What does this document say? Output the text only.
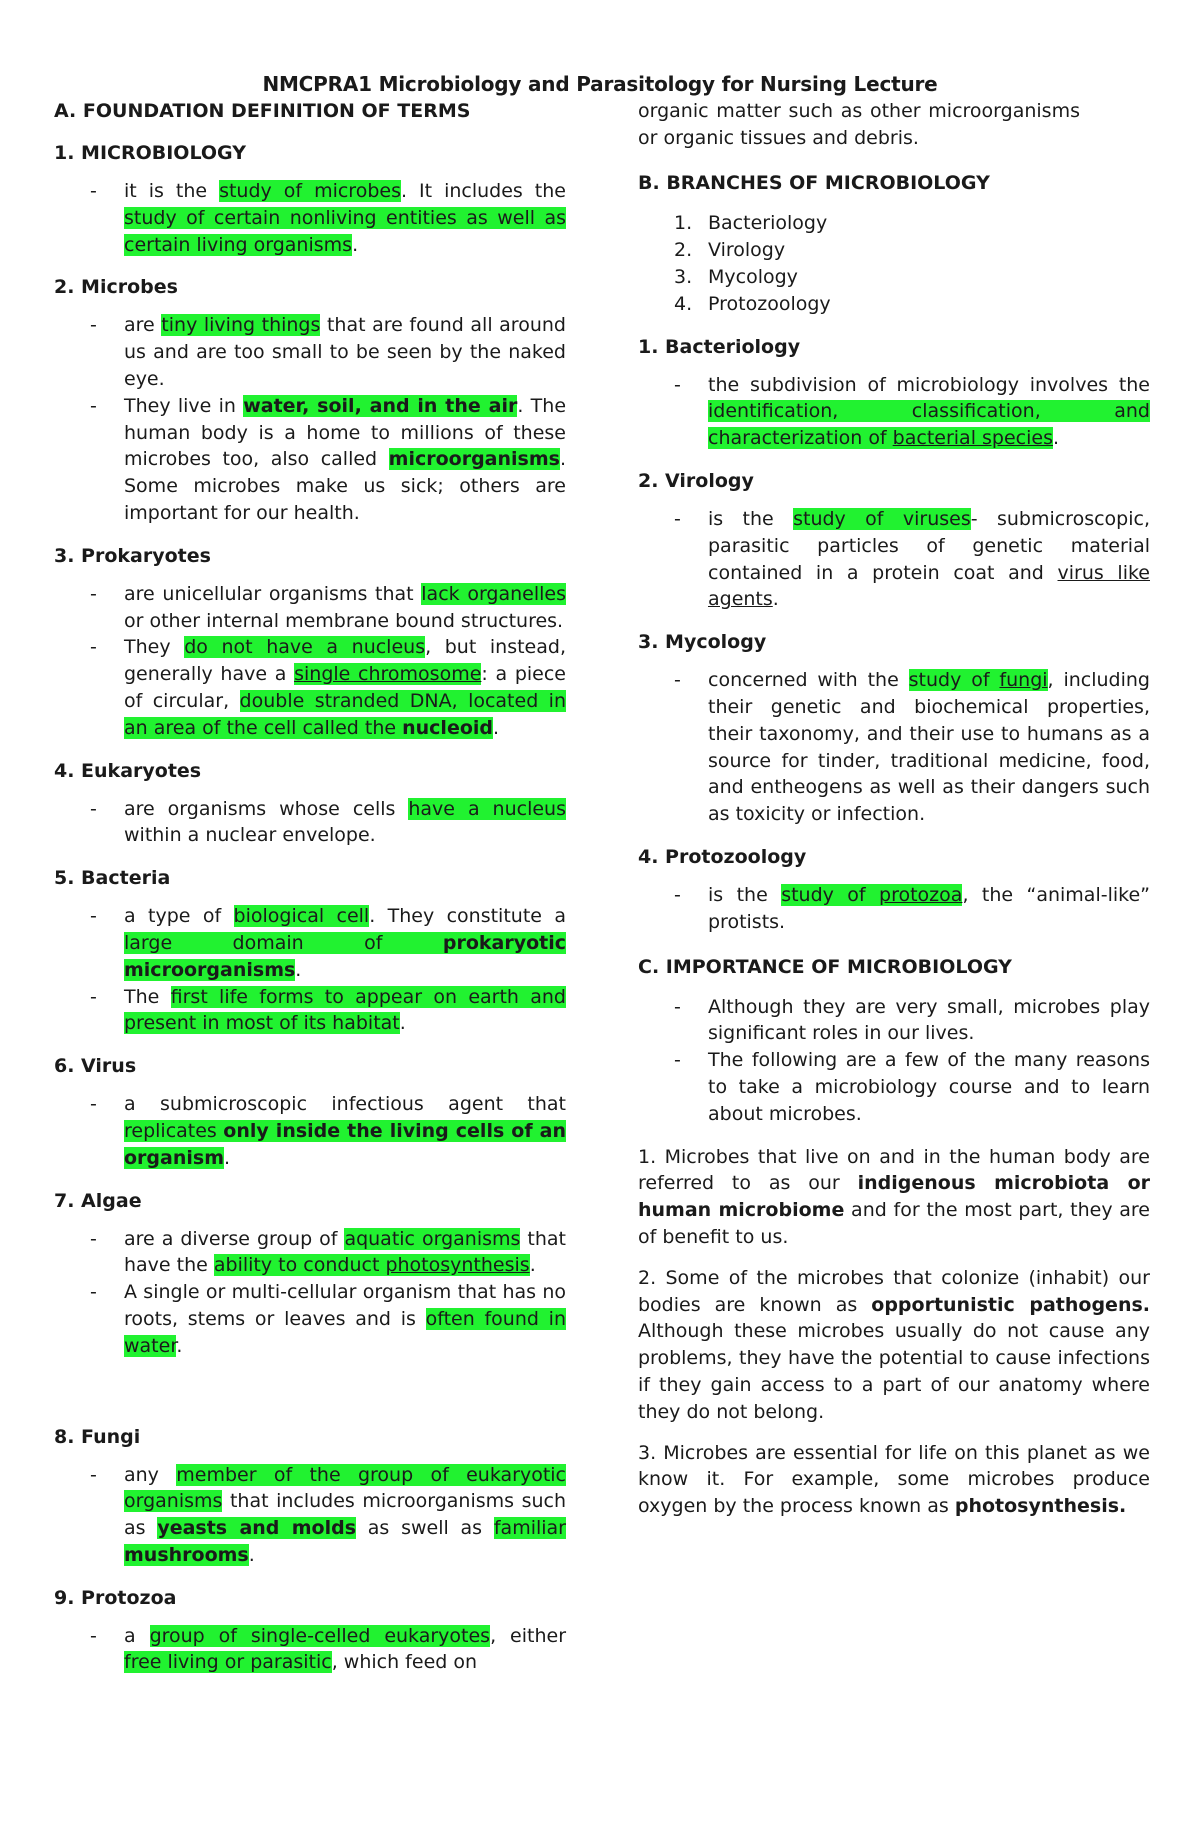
NMCPRA1 Microbiology and Parasitology for Nursing Lecture
A. FOUNDATION DEFINITION OF TERMS
1. MICROBIOLOGY
- it is the study of microbes. It includes the study of certain nonliving entities as well as certain living organisms.
2. Microbes
- are tiny living things that are found all around us and are too small to be seen by the naked eye.
- They live in water, soil, and in the air. The human body is a home to millions of these microbes too, also called microorganisms. Some microbes make us sick; others are important for our health.
3. Prokaryotes
- are unicellular organisms that lack organelles or other internal membrane bound structures.
- They do not have a nucleus, but instead, generally have a single chromosome: a piece of circular, double stranded DNA, located in an area of the cell called the nucleoid.
4. Eukaryotes
- are organisms whose cells have a nucleus within a nuclear envelope.
5. Bacteria
- a type of biological cell. They constitute a large domain of prokaryotic microorganisms.
- The first life forms to appear on earth and present in most of its habitat.
6. Virus
- a submicroscopic infectious agent that replicates only inside the living cells of an organism.
7. Algae
- are a diverse group of aquatic organisms that have the ability to conduct photosynthesis.
- A single or multi-cellular organism that has no roots, stems or leaves and is often found in water.
8. Fungi
- any member of the group of eukaryotic organisms that includes microorganisms such as yeasts and molds as swell as familiar mushrooms.
9. Protozoa
- a group of single-celled eukaryotes, either free living or parasitic, which feed on

organic matter such as other microorganisms or organic tissues and debris.

B. BRANCHES OF MICROBIOLOGY
1. Bacteriology
2. Virology
3. Mycology
4. Protozoology
1. Bacteriology
- the subdivision of microbiology involves the identification, classification, and characterization of bacterial species.
2. Virology
- is the study of viruses- submicroscopic, parasitic particles of genetic material contained in a protein coat and virus like agents.
3. Mycology
- concerned with the study of fungi, including their genetic and biochemical properties, their taxonomy, and their use to humans as a source for tinder, traditional medicine, food, and entheogens as well as their dangers such as toxicity or infection.
4. Protozoology
- is the study of protozoa, the “animal-like” protists.
C. IMPORTANCE OF MICROBIOLOGY
- Although they are very small, microbes play significant roles in our lives.
- The following are a few of the many reasons to take a microbiology course and to learn about microbes.

1. Microbes that live on and in the human body are referred to as our indigenous microbiota or human microbiome and for the most part, they are of benefit to us.

2. Some of the microbes that colonize (inhabit) our bodies are known as opportunistic pathogens. Although these microbes usually do not cause any problems, they have the potential to cause infections if they gain access to a part of our anatomy where they do not belong.

3. Microbes are essential for life on this planet as we know it. For example, some microbes produce oxygen by the process known as photosynthesis.
